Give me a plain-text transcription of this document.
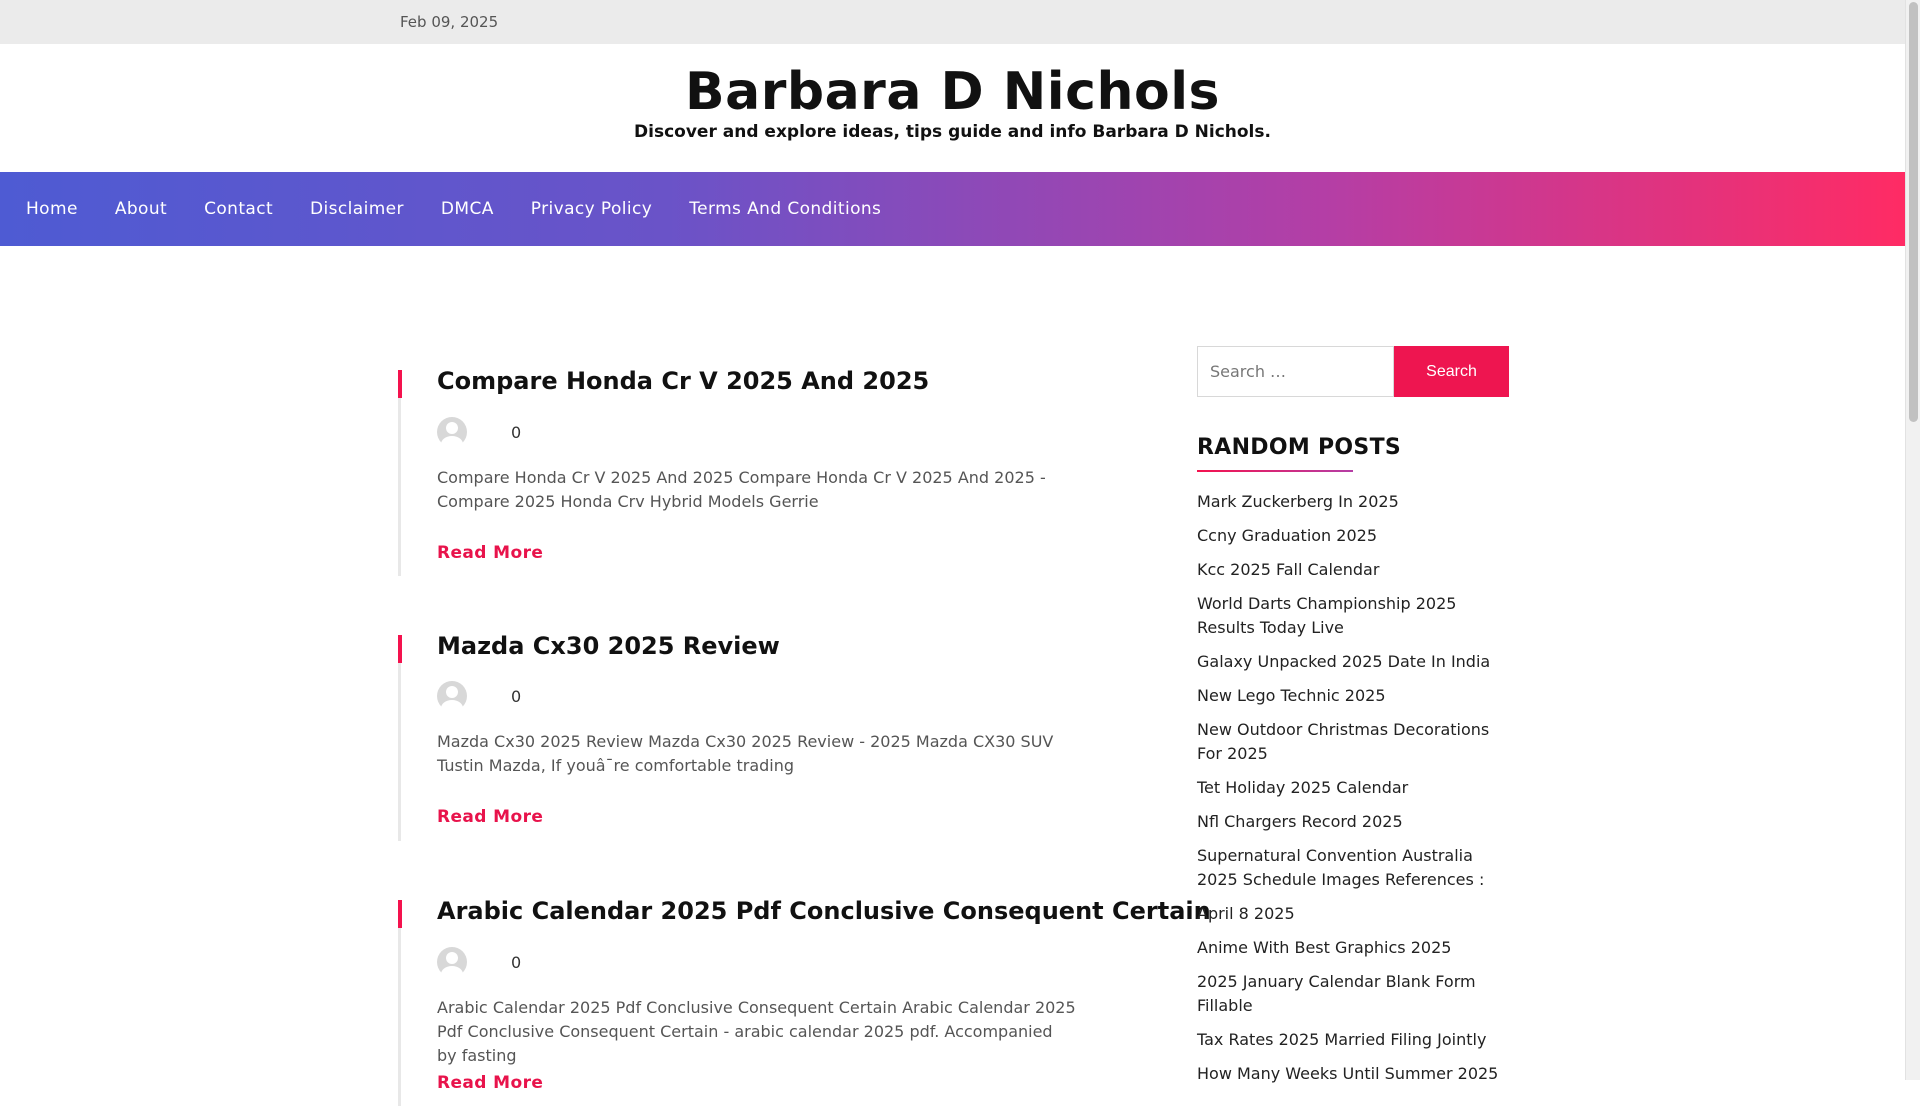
Feb 09, 2025
Barbara D Nichols
Discover and explore ideas, tips guide and info Barbara D Nichols.
Home About Contact Disclaimer DMCA Privacy Policy Terms And Conditions
Compare Honda Cr V 2025 And 2025
0

Compare Honda Cr V 2025 And 2025 Compare Honda Cr V 2025 And 2025 - Compare 2025 Honda Crv Hybrid Models Gerrie

Read More
Mazda Cx30 2025 Review
0

Mazda Cx30 2025 Review Mazda Cx30 2025 Review - 2025 Mazda CX30 SUV Tustin Mazda, If youâ¯re comfortable trading

Read More
Arabic Calendar 2025 Pdf Conclusive Consequent Certain
0

Arabic Calendar 2025 Pdf Conclusive Consequent Certain Arabic Calendar 2025 Pdf Conclusive Consequent Certain - arabic calendar 2025 pdf. Accompanied by fasting

Read More
Search …
Search
RANDOM POSTS
Mark Zuckerberg In 2025
Ccny Graduation 2025
Kcc 2025 Fall Calendar
World Darts Championship 2025 Results Today Live
Galaxy Unpacked 2025 Date In India
New Lego Technic 2025
New Outdoor Christmas Decorations For 2025
Tet Holiday 2025 Calendar
Nfl Chargers Record 2025
Supernatural Convention Australia 2025 Schedule Images References :
April 8 2025
Anime With Best Graphics 2025
2025 January Calendar Blank Form Fillable
Tax Rates 2025 Married Filing Jointly
How Many Weeks Until Summer 2025
